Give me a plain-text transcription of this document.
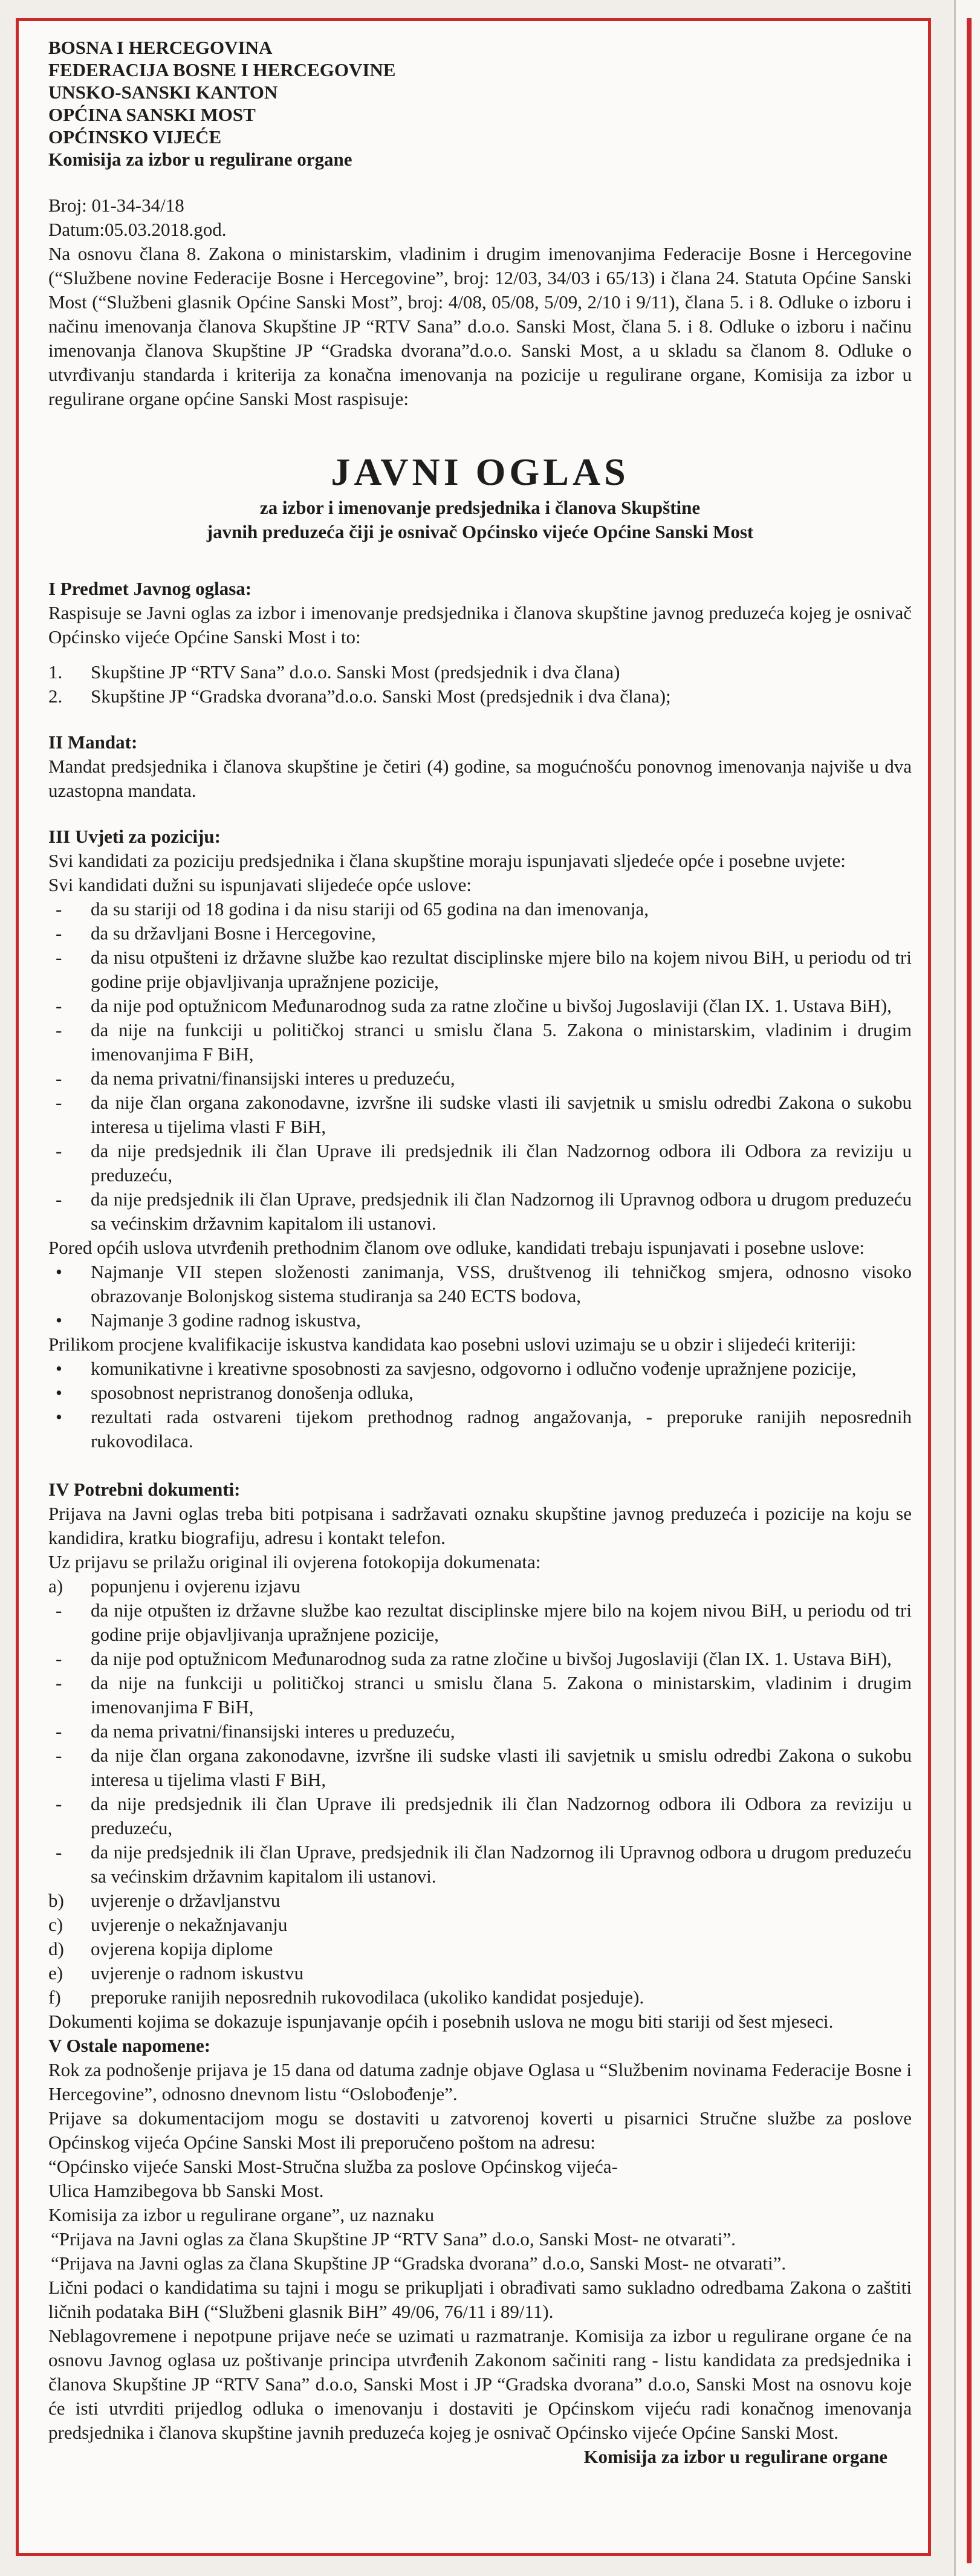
BOSNA I HERCEGOVINA

FEDERACIJA BOSNE I HERCEGOVINE

UNSKO-SANSKI KANTON

OPĆINA SANSKI MOST

OPĆINSKO VIJEĆE

Komisija za izbor u regulirane organe

Broj: 01-34-34/18

Datum:05.03.2018.god.

Na osnovu člana 8. Zakona o ministarskim, vladinim i drugim imenovanjima Federacije Bosne i Hercegovine (“Službene novine Federacije Bosne i Hercegovine”, broj: 12/03, 34/03 i 65/13) i člana 24. Statuta Općine Sanski Most (“Službeni glasnik Općine Sanski Most”, broj: 4/08, 05/08, 5/09, 2/10 i 9/11), člana 5. i 8. Odluke o izboru i načinu imenovanja članova Skupštine JP “RTV Sana” d.o.o. Sanski Most, člana 5. i 8. Odluke o izboru i načinu imenovanja članova Skupštine JP “Gradska dvorana”d.o.o. Sanski Most, a u skladu sa članom 8. Odluke o utvrđivanju standarda i kriterija za konačna imenovanja na pozicije u regulirane organe, Komisija za izbor u regulirane organe općine Sanski Most raspisuje:

JAVNI OGLAS

za izbor i imenovanje predsjednika i članova Skupštine

javnih preduzeća čiji je osnivač Općinsko vijeće Općine Sanski Most

I Predmet Javnog oglasa:

Raspisuje se Javni oglas za izbor i imenovanje predsjednika i članova skupštine javnog preduzeća kojeg je osnivač Općinsko vijeće Općine Sanski Most i to:

1. Skupštine JP “RTV Sana” d.o.o. Sanski Most (predsjednik i dva člana)
2. Skupštine JP “Gradska dvorana”d.o.o. Sanski Most (predsjednik i dva člana);

II Mandat:

Mandat predsjednika i članova skupštine je četiri (4) godine, sa mogućnošću ponovnog imenovanja najviše u dva uzastopna mandata.

III Uvjeti za poziciju:

Svi kandidati za poziciju predsjednika i člana skupštine moraju ispunjavati sljedeće opće i posebne uvjete:

Svi kandidati dužni su ispunjavati slijedeće opće uslove:

- da su stariji od 18 godina i da nisu stariji od 65 godina na dan imenovanja,
- da su državljani Bosne i Hercegovine,
- da nisu otpušteni iz državne službe kao rezultat disciplinske mjere bilo na kojem nivou BiH, u periodu od tri godine prije objavljivanja upražnjene pozicije,
- da nije pod optužnicom Međunarodnog suda za ratne zločine u bivšoj Jugoslaviji (član IX. 1. Ustava BiH),
- da nije na funkciji u političkoj stranci u smislu člana 5. Zakona o ministarskim, vladinim i drugim imenovanjima F BiH,
- da nema privatni/finansijski interes u preduzeću,
- da nije član organa zakonodavne, izvršne ili sudske vlasti ili savjetnik u smislu odredbi Zakona o sukobu interesa u tijelima vlasti F BiH,
- da nije predsjednik ili član Uprave ili predsjednik ili član Nadzornog odbora ili Odbora za reviziju u preduzeću,
- da nije predsjednik ili član Uprave, predsjednik ili član Nadzornog ili Upravnog odbora u drugom preduzeću sa većinskim državnim kapitalom ili ustanovi.

Pored općih uslova utvrđenih prethodnim članom ove odluke, kandidati trebaju ispunjavati i posebne uslove:

• Najmanje VII stepen složenosti zanimanja, VSS, društvenog ili tehničkog smjera, odnosno visoko obrazovanje Bolonjskog sistema studiranja sa 240 ECTS bodova,
• Najmanje 3 godine radnog iskustva,

Prilikom procjene kvalifikacije iskustva kandidata kao posebni uslovi uzimaju se u obzir i slijedeći kriteriji:

• komunikativne i kreativne sposobnosti za savjesno, odgovorno i odlučno vođenje upražnjene pozicije,
• sposobnost nepristranog donošenja odluka,
• rezultati rada ostvareni tijekom prethodnog radnog angažovanja, - preporuke ranijih neposrednih rukovodilaca.

IV Potrebni dokumenti:

Prijava na Javni oglas treba biti potpisana i sadržavati oznaku skupštine javnog preduzeća i pozicije na koju se kandidira, kratku biografiju, adresu i kontakt telefon.

Uz prijavu se prilažu original ili ovjerena fotokopija dokumenata:

a) popunjenu i ovjerenu izjavu
- da nije otpušten iz državne službe kao rezultat disciplinske mjere bilo na kojem nivou BiH, u periodu od tri godine prije objavljivanja upražnjene pozicije,
- da nije pod optužnicom Međunarodnog suda za ratne zločine u bivšoj Jugoslaviji (član IX. 1. Ustava BiH),
- da nije na funkciji u političkoj stranci u smislu člana 5. Zakona o ministarskim, vladinim i drugim imenovanjima F BiH,
- da nema privatni/finansijski interes u preduzeću,
- da nije član organa zakonodavne, izvršne ili sudske vlasti ili savjetnik u smislu odredbi Zakona o sukobu interesa u tijelima vlasti F BiH,
- da nije predsjednik ili član Uprave ili predsjednik ili član Nadzornog odbora ili Odbora za reviziju u preduzeću,
- da nije predsjednik ili član Uprave, predsjednik ili član Nadzornog ili Upravnog odbora u drugom preduzeću sa većinskim državnim kapitalom ili ustanovi.
b) uvjerenje o državljanstvu
c) uvjerenje o nekažnjavanju
d) ovjerena kopija diplome
e) uvjerenje o radnom iskustvu
f) preporuke ranijih neposrednih rukovodilaca (ukoliko kandidat posjeduje).

Dokumenti kojima se dokazuje ispunjavanje općih i posebnih uslova ne mogu biti stariji od šest mjeseci.

V Ostale napomene:

Rok za podnošenje prijava je 15 dana od datuma zadnje objave Oglasa u “Službenim novinama Federacije Bosne i Hercegovine”, odnosno dnevnom listu “Oslobođenje”.

Prijave sa dokumentacijom mogu se dostaviti u zatvorenoj koverti u pisarnici Stručne službe za poslove Općinskog vijeća Općine Sanski Most ili preporučeno poštom na adresu:

“Općinsko vijeće Sanski Most-Stručna služba za poslove Općinskog vijeća-

Ulica Hamzibegova bb Sanski Most.

Komisija za izbor u regulirane organe”, uz naznaku

“Prijava na Javni oglas za člana Skupštine JP “RTV Sana” d.o.o, Sanski Most- ne otvarati”.

“Prijava na Javni oglas za člana Skupštine JP “Gradska dvorana” d.o.o, Sanski Most- ne otvarati”.

Lični podaci o kandidatima su tajni i mogu se prikupljati i obrađivati samo sukladno odredbama Zakona o zaštiti ličnih podataka BiH (“Službeni glasnik BiH” 49/06, 76/11 i 89/11).

Neblagovremene i nepotpune prijave neće se uzimati u razmatranje. Komisija za izbor u regulirane organe će na osnovu Javnog oglasa uz poštivanje principa utvrđenih Zakonom sačiniti rang - listu kandidata za predsjednika i članova Skupštine JP “RTV Sana” d.o.o, Sanski Most i JP “Gradska dvorana” d.o.o, Sanski Most na osnovu koje će isti utvrditi prijedlog odluka o imenovanju i dostaviti je Općinskom vijeću radi konačnog imenovanja predsjednika i članova skupštine javnih preduzeća kojeg je osnivač Općinsko vijeće Općine Sanski Most.

Komisija za izbor u regulirane organe
